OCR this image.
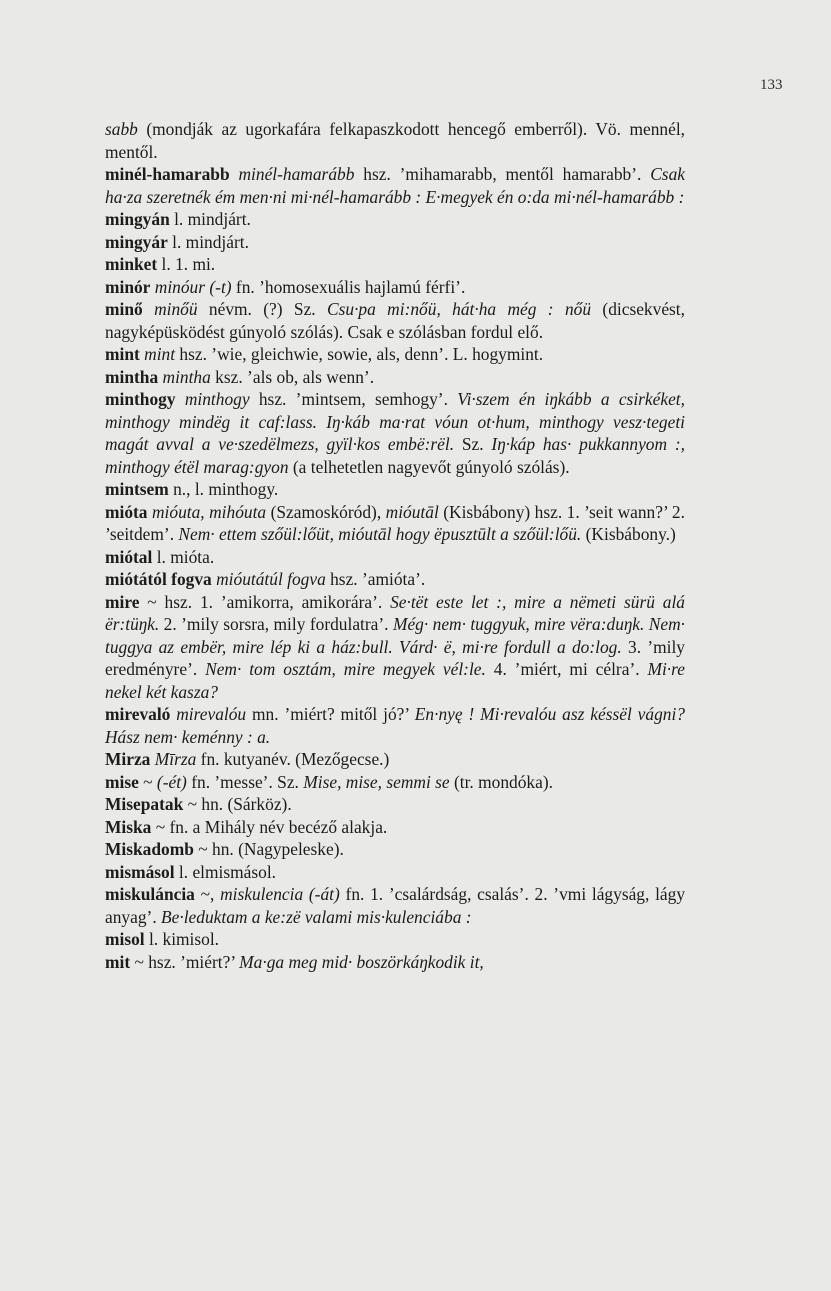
133

sabb (mondják az ugorkafára felkapaszkodott hencegő emberről). Vö. mennél, mentől.

minél-hamarabb minél-hamarább hsz. ’mihamarabb, mentől hamarabb’. Csak ha·za szeretnék ém men·ni mi·nél-hamarább : E·megyek én o:da mi·nél-hamarább :

mingyán l. mindjárt.

mingyár l. mindjárt.

minket l. 1. mi.

minór minóur (-t) fn. ’homosexuális hajlamú férfi’.

minő minőü névm. (?) Sz. Csu·pa mi:nőü, hát·ha még : nőü (dicsekvést, nagyképüsködést gúnyoló szólás). Csak e szólásban fordul elő.

mint mint hsz. ’wie, gleichwie, sowie, als, denn’. L. hogymint.

mintha mintha ksz. ’als ob, als wenn’.

minthogy minthogy hsz. ’mintsem, semhogy’. Vi·szem én iŋkább a csirkéket, minthogy mindëg it caf:lass. Iŋ·káb ma·rat vóun ot·hum, minthogy vesz·tegeti magát avval a ve·szedëlmezs, gyïl·kos embë:rël. Sz. Iŋ·káp has· pukkannyom :, minthogy étël marag:gyon (a telhetetlen nagyevőt gúnyoló szólás).

mintsem n., l. minthogy.

mióta mióuta, mihóuta (Szamoskóród), mióutāl (Kisbábony) hsz. 1. ’seit wann?’ 2. ’seitdem’. Nem· ettem szőül:lőüt, mióutāl hogy ëpusztūlt a szőül:lőü. (Kisbábony.)

miótal l. mióta.

miótától fogva mióutátúl fogva hsz. ’amióta’.

mire ~ hsz. 1. ’amikorra, amikorára’. Se·tët este let :, mire a nëmeti sürü alá ër:tüŋk. 2. ’mily sorsra, mily fordulatra’. Még· nem· tuggyuk, mire vëra:duŋk. Nem· tuggya az embër, mire lép ki a ház:bull. Várd· ë, mi·re fordull a do:log. 3. ’mily eredményre’. Nem· tom osztám, mire megyek vél:le. 4. ’miért, mi célra’. Mi·re nekel két kasza?

mirevaló mirevalóu mn. ’miért? mitől jó?’ En·nyę ! Mi·revalóu asz késsël vágni? Hász nem· keménny : a.

Mirza Mīrza fn. kutyanév. (Mezőgecse.)

mise ~ (-ét) fn. ’messe’. Sz. Mise, mise, semmi se (tr. mondóka).

Misepatak ~ hn. (Sárköz).

Miska ~ fn. a Mihály név becéző alakja.

Miskadomb ~ hn. (Nagypeleske).

mismásol l. elmismásol.

miskuláncia ~, miskulencia (-át) fn. 1. ’csalárdság, csalás’. 2. ’vmi lágyság, lágy anyag’. Be·leduktam a ke:zë valami mis·kulenciába :

misol l. kimisol.

mit ~ hsz. ’miért?’ Ma·ga meg mid· boszörkáŋkodik it,
